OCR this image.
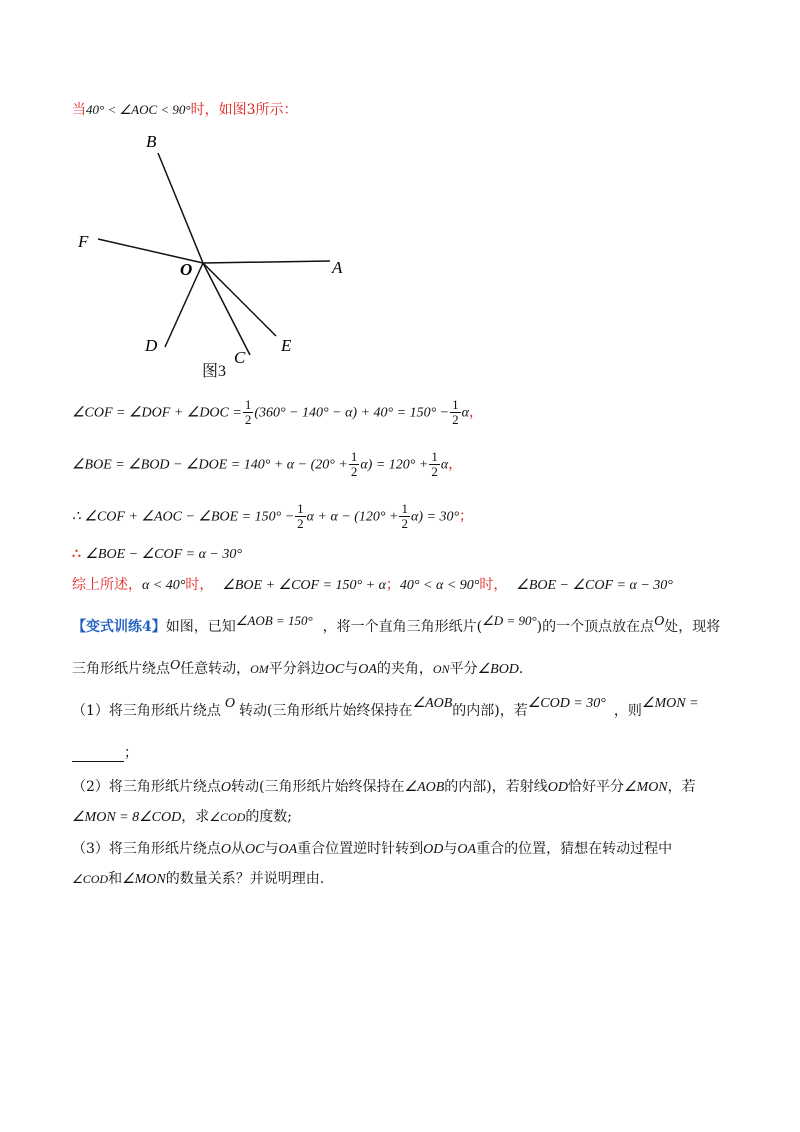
当40° < ∠AOC < 90°时，如图3所示：
B
F
O	A
D
C
E
图3
∠COF = ∠DOF + ∠DOC = $\frac{1}{2} (360^\circ - 140^\circ - \alpha) + 40^\circ = 150^\circ - \frac{1}{2}$ α，
∠BOE = ∠BOD − ∠DOE = $140^\circ + \alpha - (20^\circ + \frac{1}{2} \alpha) = 120^\circ + \frac{1}{2}$ α，
∴ ∠COF + ∠AOC − ∠BOE = $150^\circ - \frac{1}{2}$ $\alpha + \alpha - (120^\circ + \frac{1}{2} \alpha) = 30^\circ$；
∴ ∠BOE − ∠COF = α − 30°
综上所述，α < 40°时， ∠BOE + ∠COF = 150° + α；40° < α < 90°时， ∠BOE − ∠COF = α − 30°
【变式训练4】如图，已知∠AOB = 150° ，将一个直角三角形纸片(∠D = 90°)的一个顶点放在点O处，现将
三角形纸片绕点O任意转动，OM平分斜边OC与OA的夹角，ON平分∠BOD.
（1）将三角形纸片绕点 O 转动(三角形纸片始终保持在∠AOB的内部)，若∠COD = 30° ，则∠MON =
；
（2）将三角形纸片绕点O转动(三角形纸片始终保持在∠AOB的内部)，若射线OD恰好平分∠MON，若
∠MON = 8∠COD，求∠COD的度数;
（3）将三角形纸片绕点O从OC与OA重合位置逆时针转到OD与OA重合的位置，猜想在转动过程中
∠COD和∠MON的数量关系？并说明理由.
